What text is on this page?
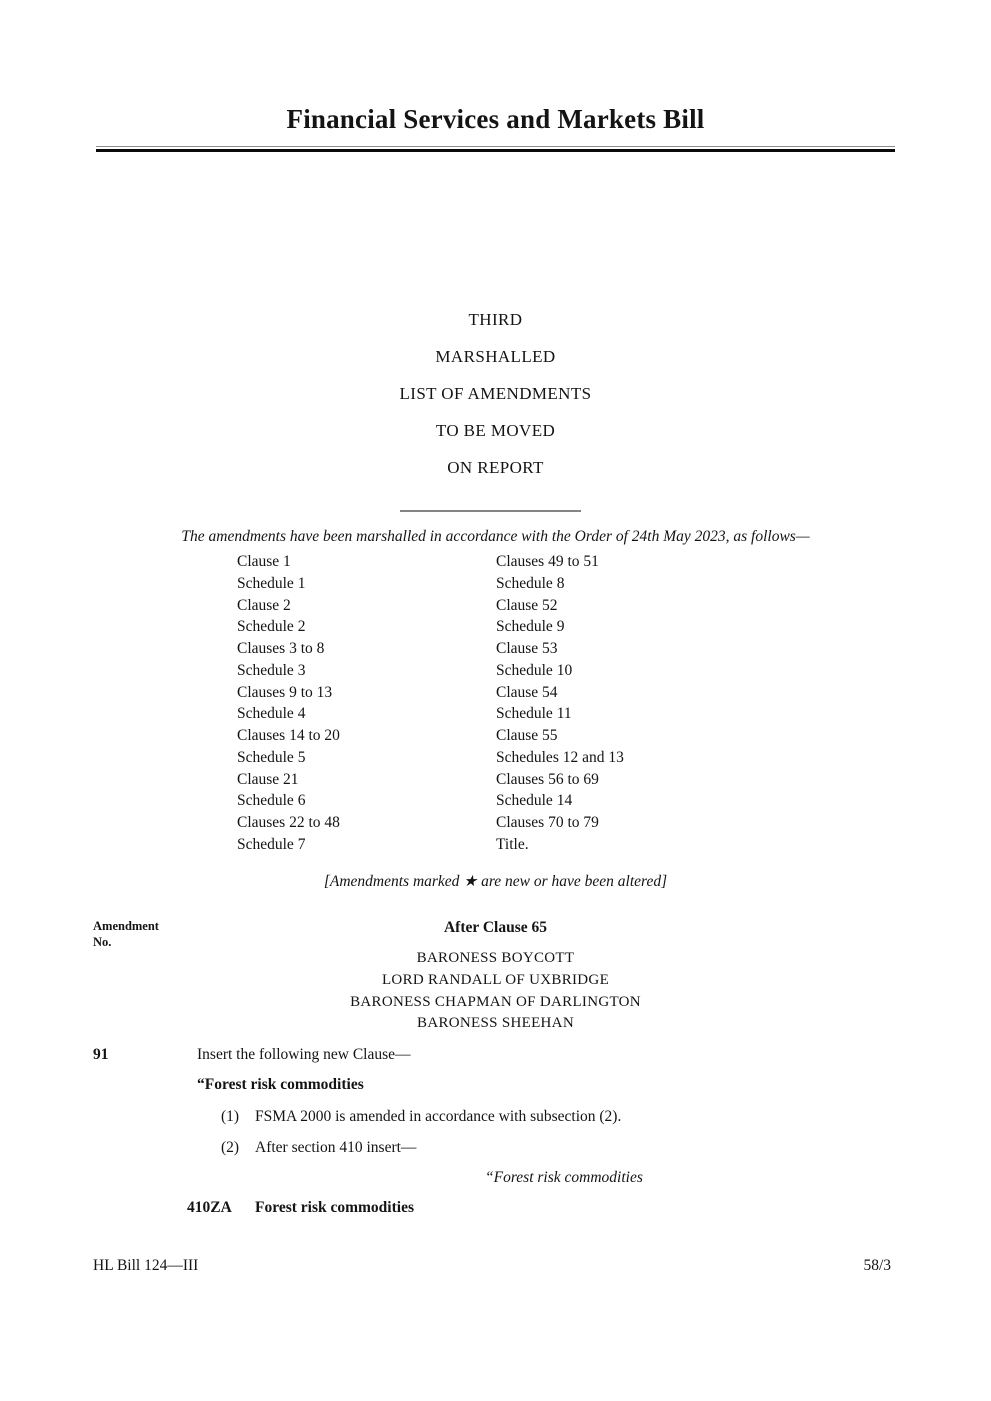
Financial Services and Markets Bill
THIRD
MARSHALLED
LIST OF AMENDMENTS
TO BE MOVED
ON REPORT

The amendments have been marshalled in accordance with the Order of 24th May 2023, as follows—

Clause 1
Schedule 1
Clause 2
Schedule 2
Clauses 3 to 8
Schedule 3
Clauses 9 to 13
Schedule 4
Clauses 14 to 20
Schedule 5
Clause 21
Schedule 6
Clauses 22 to 48
Schedule 7
Clauses 49 to 51
Schedule 8
Clause 52
Schedule 9
Clause 53
Schedule 10
Clause 54
Schedule 11
Clause 55
Schedules 12 and 13
Clauses 56 to 69
Schedule 14
Clauses 70 to 79
Title.

[Amendments marked ★ are new or have been altered]

Amendment
No.
After Clause 65
BARONESS BOYCOTT
LORD RANDALL OF UXBRIDGE
BARONESS CHAPMAN OF DARLINGTON
BARONESS SHEEHAN

91	Insert the following new Clause—

“Forest risk commodities

(1) FSMA 2000 is amended in accordance with subsection (2).
(2) After section 410 insert—

“Forest risk commodities

410ZA Forest risk commodities
HL Bill 124—III	58/3
